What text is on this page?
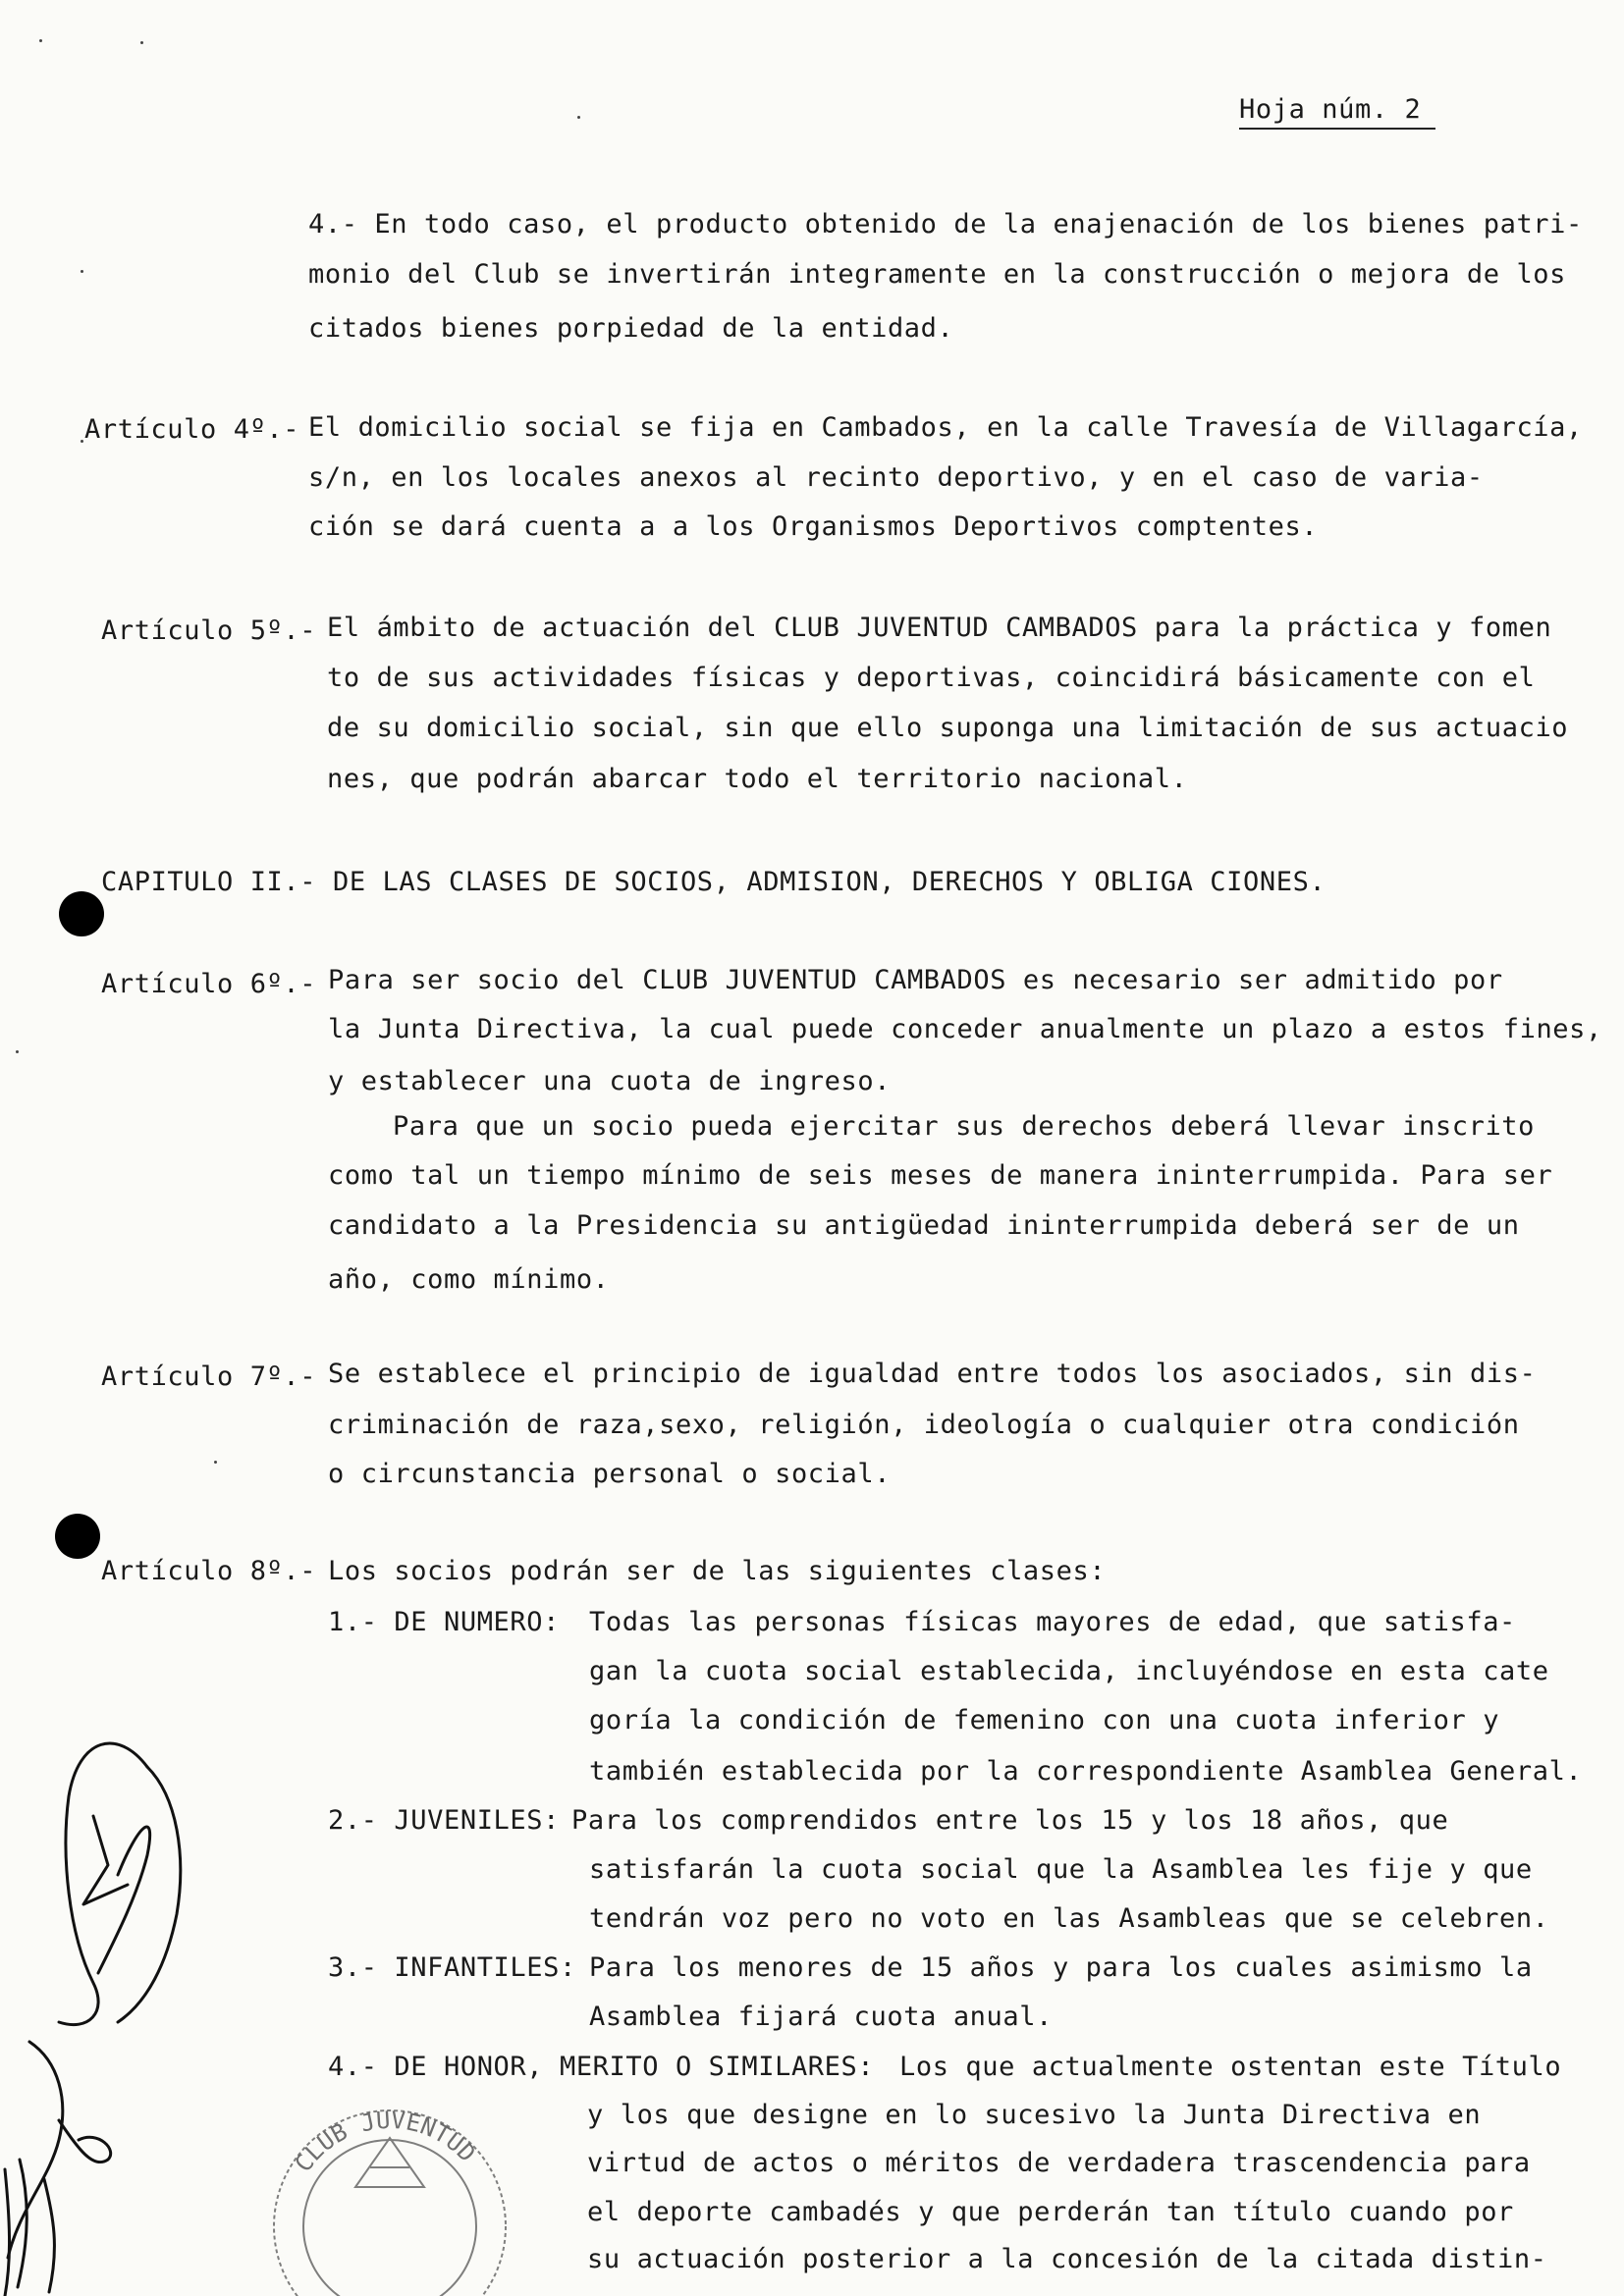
Hoja núm. 2
4.- En todo caso, el producto obtenido de la enajenación de los bienes patri-
monio del Club se invertirán integramente en la construcción o mejora de los
citados bienes porpiedad de la entidad.
Artículo 4º.- El domicilio social se fija en Cambados, en la calle Travesía de Villagarcía,
s/n, en los locales anexos al recinto deportivo, y en el caso de varia-
ción se dará cuenta a a los Organismos Deportivos comptentes.
Artículo 5º.- El ámbito de actuación del CLUB JUVENTUD CAMBADOS para la práctica y fomen
to de sus actividades físicas y deportivas, coincidirá básicamente con el
de su domicilio social, sin que ello suponga una limitación de sus actuacio
nes, que podrán abarcar todo el territorio nacional.
CAPITULO II.- DE LAS CLASES DE SOCIOS, ADMISION, DERECHOS Y OBLIGA CIONES.
Artículo 6º.- Para ser socio del CLUB JUVENTUD CAMBADOS es necesario ser admitido por
la Junta Directiva, la cual puede conceder anualmente un plazo a estos fines,
y establecer una cuota de ingreso.
Para que un socio pueda ejercitar sus derechos deberá llevar inscrito
como tal un tiempo mínimo de seis meses de manera ininterrumpida. Para ser
candidato a la Presidencia su antigüedad ininterrumpida deberá ser de un
año, como mínimo.
Artículo 7º.- Se establece el principio de igualdad entre todos los asociados, sin dis-
criminación de raza,sexo, religión, ideología o cualquier otra condición
o circunstancia personal o social.
Artículo 8º.- Los socios podrán ser de las siguientes clases:
1.- DE NUMERO: Todas las personas físicas mayores de edad, que satisfa-
gan la cuota social establecida, incluyéndose en esta cate
goría la condición de femenino con una cuota inferior y
también establecida por la correspondiente Asamblea General.
2.- JUVENILES: Para los comprendidos entre los 15 y los 18 años, que
satisfarán la cuota social que la Asamblea les fije y que
tendrán voz pero no voto en las Asambleas que se celebren.
3.- INFANTILES: Para los menores de 15 años y para los cuales asimismo la
Asamblea fijará cuota anual.
4.- DE HONOR, MERITO O SIMILARES: Los que actualmente ostentan este Título
y los que designe en lo sucesivo la Junta Directiva en
virtud de actos o méritos de verdadera trascendencia para
el deporte cambadés y que perderán tan título cuando por
su actuación posterior a la concesión de la citada distin-
CLUB JUVENTUD
